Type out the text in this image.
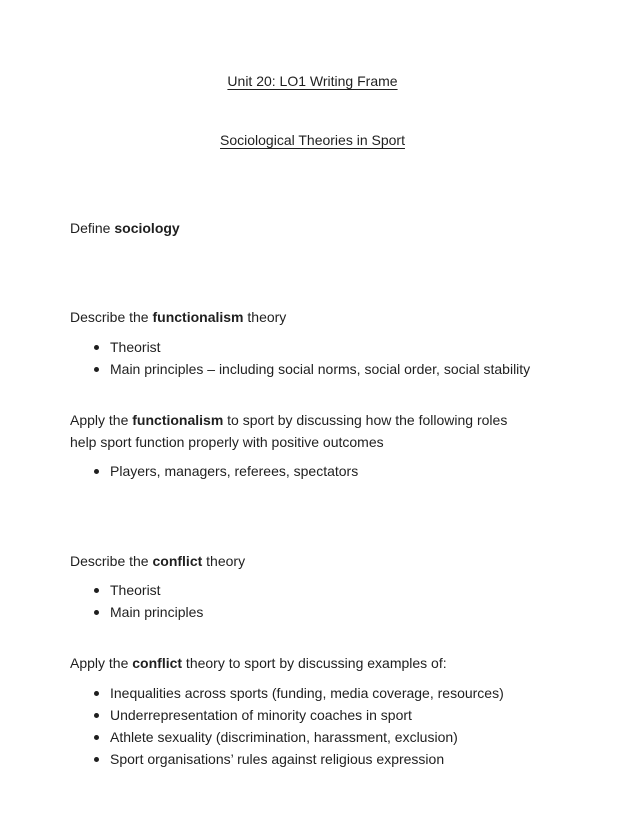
Unit 20: LO1 Writing Frame
Sociological Theories in Sport
Define sociology
Describe the functionalism theory
Theorist
Main principles – including social norms, social order, social stability
Apply the functionalism to sport by discussing how the following roles help sport function properly with positive outcomes
Players, managers, referees, spectators
Describe the conflict theory
Theorist
Main principles
Apply the conflict theory to sport by discussing examples of:
Inequalities across sports (funding, media coverage, resources)
Underrepresentation of minority coaches in sport
Athlete sexuality (discrimination, harassment, exclusion)
Sport organisations’ rules against religious expression
